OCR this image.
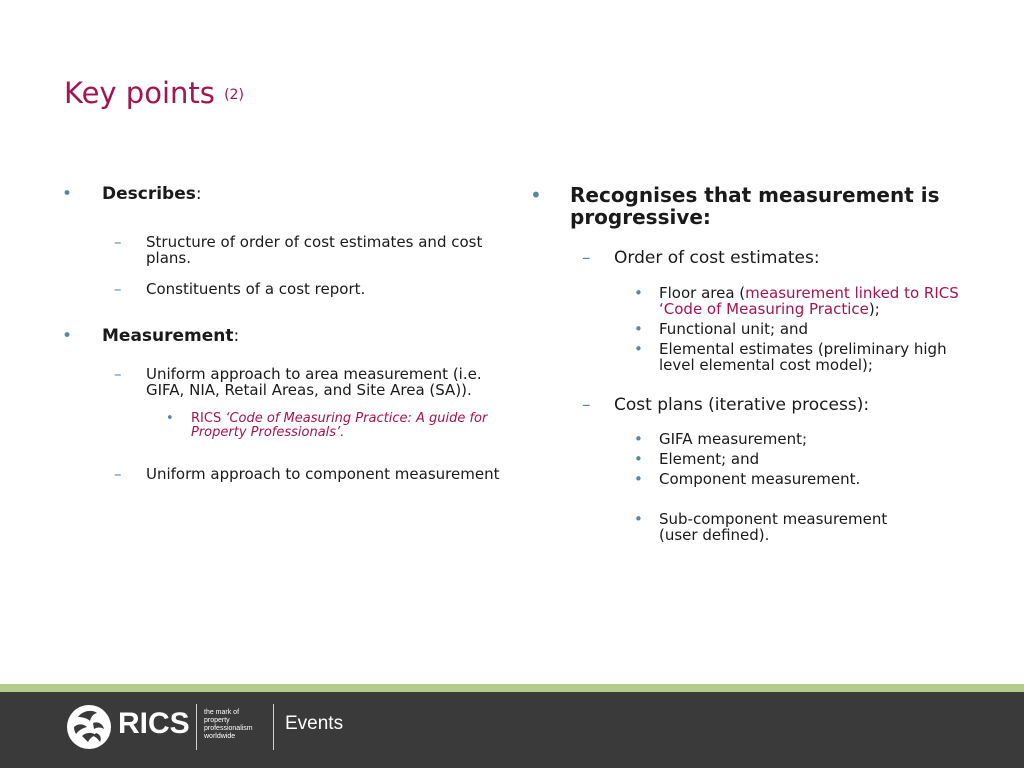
Key points $^{(2)}$
• Describes:
– Structure of order of cost estimates and cost plans.
– Constituents of a cost report.
• Measurement:
– Uniform approach to area measurement (i.e. GIFA, NIA, Retail Areas, and Site Area (SA)).
• RICS ‘Code of Measuring Practice: A guide for Property Professionals’.
– Uniform approach to component measurement
• Recognises that measurement is progressive:
– Order of cost estimates:
• Floor area (measurement linked to RICS ‘Code of Measuring Practice);
• Functional unit; and
• Elemental estimates (preliminary high level elemental cost model);
– Cost plans (iterative process):
• GIFA measurement;
• Element; and
• Component measurement.
• Sub-component measurement (user defined).
RICS the mark of
property
professionalism
worldwide
Events
